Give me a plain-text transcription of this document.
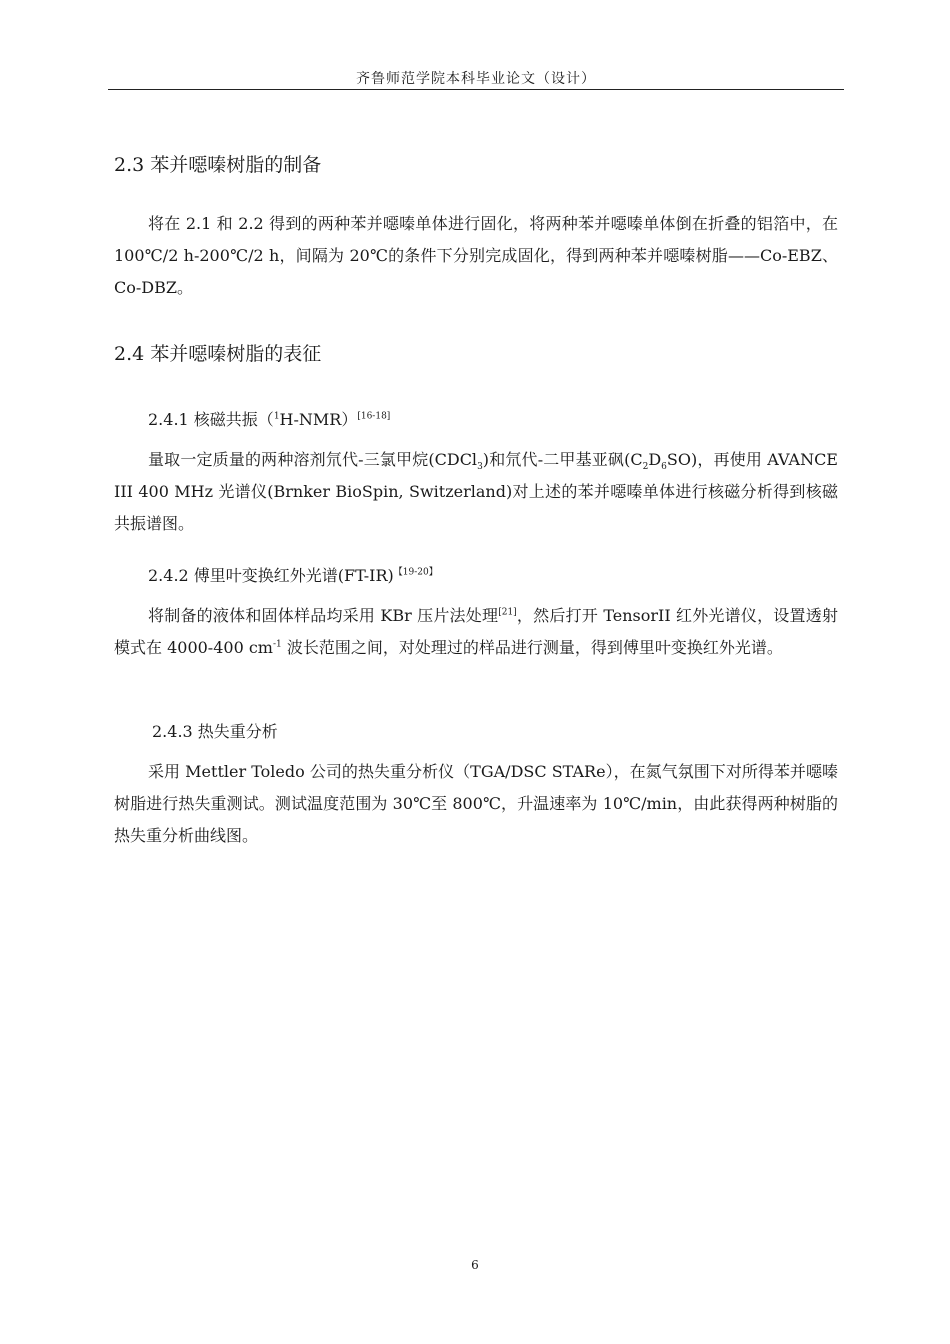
齐鲁师范学院本科毕业论文（设计）
2.3 苯并噁嗪树脂的制备

将在 2.1 和 2.2 得到的两种苯并噁嗪单体进行固化，将两种苯并噁嗪单体倒在折叠的铝箔中，在 100℃/2 h-200℃/2 h，间隔为 20℃的条件下分别完成固化，得到两种苯并噁嗪树脂——Co-EBZ、Co-DBZ。

2.4 苯并噁嗪树脂的表征
2.4.1 核磁共振（$^1$H-NMR）[16-18]

量取一定质量的两种溶剂氘代-三氯甲烷(CDCl$_3$)和氘代-二甲基亚砜$(C_2D_6SO)$，再使用 AVANCE III 400 MHz 光谱仪(Brnker BioSpin, Switzerland)对上述的苯并噁嗪单体进行核磁分析得到核磁共振谱图。

2.4.2 傅里叶变换红外光谱$(FT-IR)^{【19-20】}$

将制备的液体和固体样品均采用 KBr 压片法处理[21]，然后打开 TensorII 红外光谱仪，设置透射模式在 4000-400 $cm^{-1}$ 波长范围之间，对处理过的样品进行测量，得到傅里叶变换红外光谱。

2.4.3 热失重分析

采用 Mettler Toledo 公司的热失重分析仪（TGA/DSC STARe），在氮气氛围下对所得苯并噁嗪树脂进行热失重测试。测试温度范围为 30℃至 800℃，升温速率为 10℃/min，由此获得两种树脂的热失重分析曲线图。

6
